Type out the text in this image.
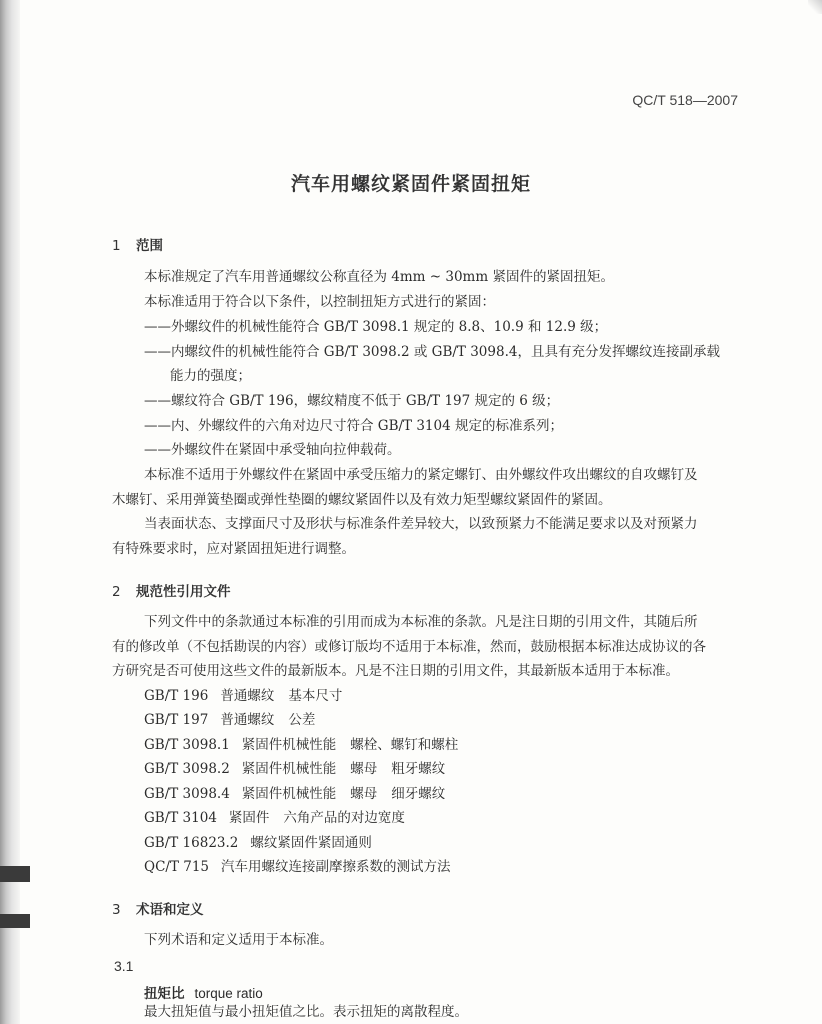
QC/T 518—2007
汽车用螺纹紧固件紧固扭矩
1 范围
本标准规定了汽车用普通螺纹公称直径为 4mm ~ 30mm 紧固件的紧固扭矩。
本标准适用于符合以下条件，以控制扭矩方式进行的紧固：
——外螺纹件的机械性能符合 GB/T 3098.1 规定的 8.8、10.9 和 12.9 级；
——内螺纹件的机械性能符合 GB/T 3098.2 或 GB/T 3098.4，且具有充分发挥螺纹连接副承载
能力的强度；
——螺纹符合 GB/T 196，螺纹精度不低于 GB/T 197 规定的 6 级；
——内、外螺纹件的六角对边尺寸符合 GB/T 3104 规定的标准系列；
——外螺纹件在紧固中承受轴向拉伸载荷。
本标准不适用于外螺纹件在紧固中承受压缩力的紧定螺钉、由外螺纹件攻出螺纹的自攻螺钉及
木螺钉、采用弹簧垫圈或弹性垫圈的螺纹紧固件以及有效力矩型螺纹紧固件的紧固。
当表面状态、支撑面尺寸及形状与标准条件差异较大，以致预紧力不能满足要求以及对预紧力
有特殊要求时，应对紧固扭矩进行调整。
2 规范性引用文件
下列文件中的条款通过本标准的引用而成为本标准的条款。凡是注日期的引用文件，其随后所
有的修改单（不包括勘误的内容）或修订版均不适用于本标准，然而，鼓励根据本标准达成协议的各
方研究是否可使用这些文件的最新版本。凡是不注日期的引用文件，其最新版本适用于本标准。
GB/T 196 普通螺纹 基本尺寸
GB/T 197 普通螺纹 公差
GB/T 3098.1 紧固件机械性能 螺栓、螺钉和螺柱
GB/T 3098.2 紧固件机械性能 螺母 粗牙螺纹
GB/T 3098.4 紧固件机械性能 螺母 细牙螺纹
GB/T 3104 紧固件 六角产品的对边宽度
GB/T 16823.2 螺纹紧固件紧固通则
QC/T 715 汽车用螺纹连接副摩擦系数的测试方法
3 术语和定义
下列术语和定义适用于本标准。
3.1
扭矩比 torque ratio
最大扭矩值与最小扭矩值之比。表示扭矩的离散程度。
